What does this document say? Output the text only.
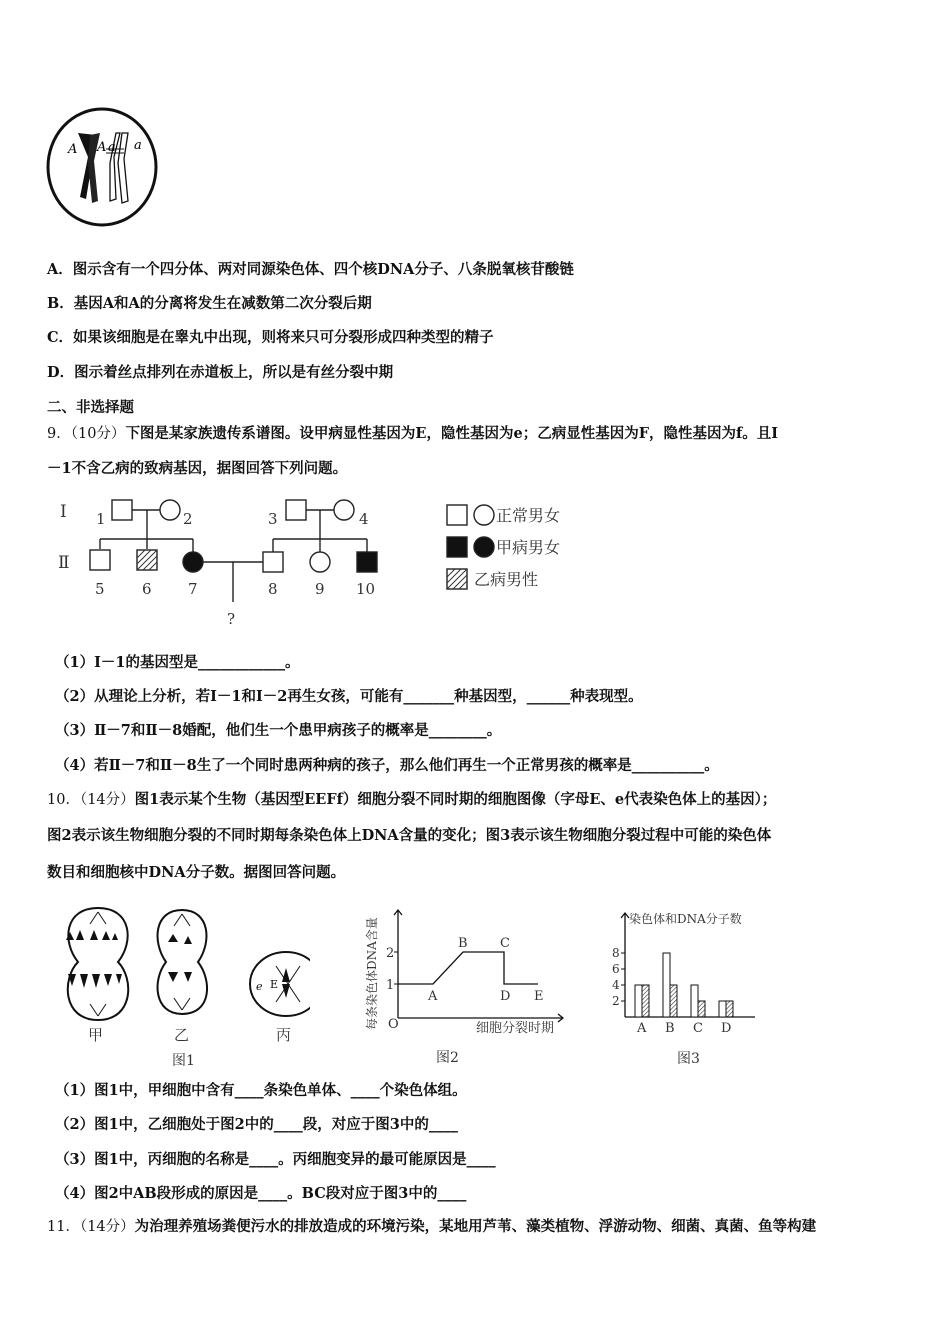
A A a a
A．图示含有一个四分体、两对同源染色体、四个核DNA分子、八条脱氧核苷酸链
B．基因A和A的分离将发生在减数第二次分裂后期
C．如果该细胞是在睾丸中出现，则将来只可分裂形成四种类型的精子
D．图示着丝点排列在赤道板上，所以是有丝分裂中期
二、非选择题
9．（10分）下图是某家族遗传系谱图。设甲病显性基因为E，隐性基因为e；乙病显性基因为F，隐性基因为f。且Ⅰ
－1不含乙病的致病基因，据图回答下列问题。
Ⅰ
Ⅱ
1	2	3	4
5 6 7	8 9 10
?
正常男女
甲病男女
乙病男性
（1）Ⅰ－1的基因型是____________。
（2）从理论上分析，若Ⅰ－1和Ⅰ－2再生女孩，可能有_______种基因型，______种表现型。
（3）Ⅱ－7和Ⅱ－8婚配，他们生一个患甲病孩子的概率是________。
（4）若Ⅱ－7和Ⅱ－8生了一个同时患两种病的孩子，那么他们再生一个正常男孩的概率是__________。
10．（14分）图1表示某个生物（基因型EEFf）细胞分裂不同时期的细胞图像（字母E、e代表染色体上的基因）；
图2表示该生物细胞分裂的不同时期每条染色体上DNA含量的变化；图3表示该生物细胞分裂过程中可能的染色体
数目和细胞核中DNA分子数。据图回答问题。
e E
甲	乙	丙
图1
1
2
O
A
B C
D E
细胞分裂时期
每条染色体DNA含量
图2
染色体和DNA分子数
图3
2
4
6
8
A B C D
（1）图1中，甲细胞中含有____条染色单体、____个染色体组。
（2）图1中，乙细胞处于图2中的____段，对应于图3中的____
（3）图1中，丙细胞的名称是____。丙细胞变异的最可能原因是____
（4）图2中AB段形成的原因是____。BC段对应于图3中的____
11．（14分）为治理养殖场粪便污水的排放造成的环境污染，某地用芦苇、藻类植物、浮游动物、细菌、真菌、鱼等构建
